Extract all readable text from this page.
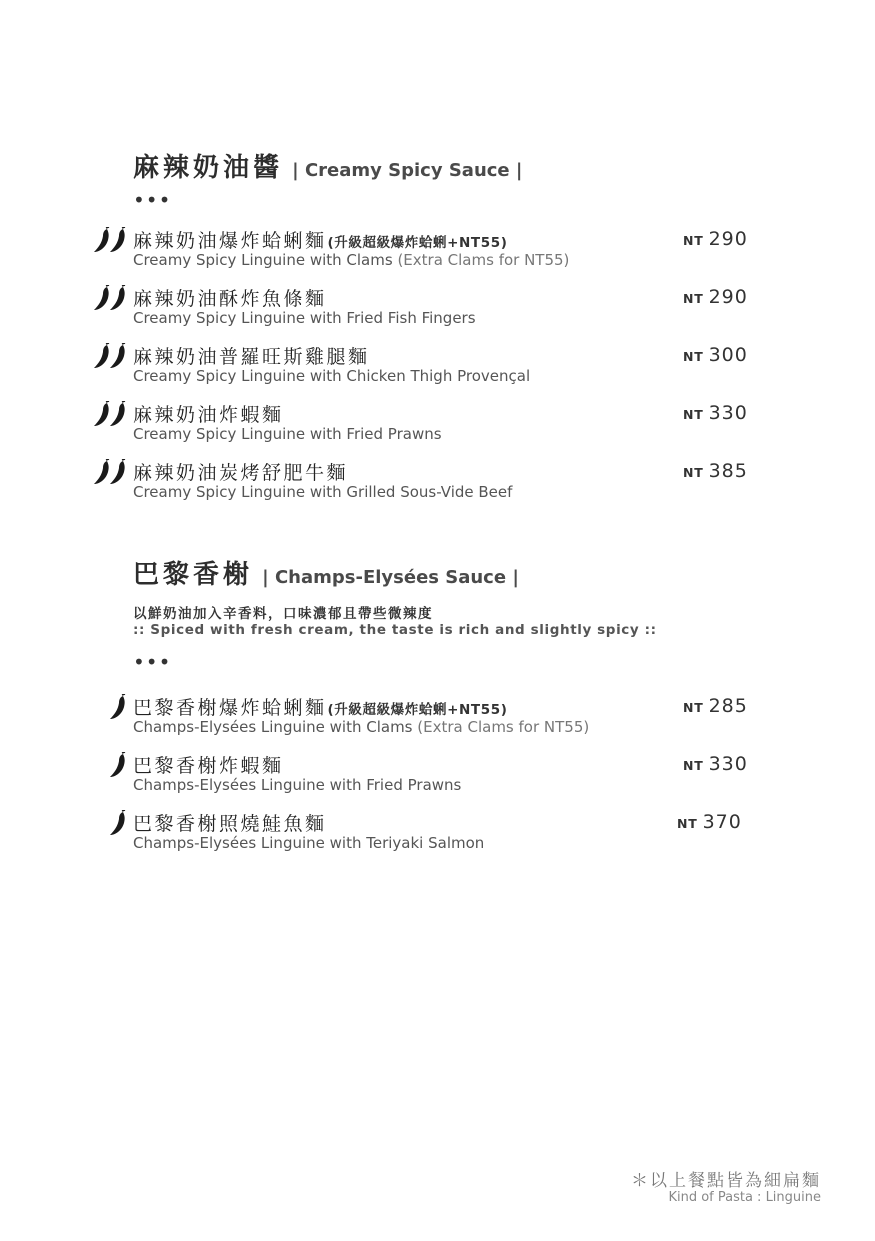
麻辣奶油醬 | Creamy Spicy Sauce |
•••
麻辣奶油爆炸蛤蜊麵(升級超級爆炸蛤蜊+NT55)
Creamy Spicy Linguine with Clams (Extra Clams for NT55)
NT 290
麻辣奶油酥炸魚條麵
Creamy Spicy Linguine with Fried Fish Fingers
NT 290
麻辣奶油普羅旺斯雞腿麵
Creamy Spicy Linguine with Chicken Thigh Provençal
NT 300
麻辣奶油炸蝦麵
Creamy Spicy Linguine with Fried Prawns
NT 330
麻辣奶油炭烤舒肥牛麵
Creamy Spicy Linguine with Grilled Sous-Vide Beef
NT 385
巴黎香榭 | Champs-Elysées Sauce |
以鮮奶油加入辛香料，口味濃郁且帶些微辣度
:: Spiced with fresh cream, the taste is rich and slightly spicy ::
•••
巴黎香榭爆炸蛤蜊麵(升級超級爆炸蛤蜊+NT55)
Champs-Elysées Linguine with Clams (Extra Clams for NT55)
NT 285
巴黎香榭炸蝦麵
Champs-Elysées Linguine with Fried Prawns
NT 330
巴黎香榭照燒鮭魚麵
Champs-Elysées Linguine with Teriyaki Salmon
NT 370
＊以上餐點皆為細扁麵
Kind of Pasta : Linguine
